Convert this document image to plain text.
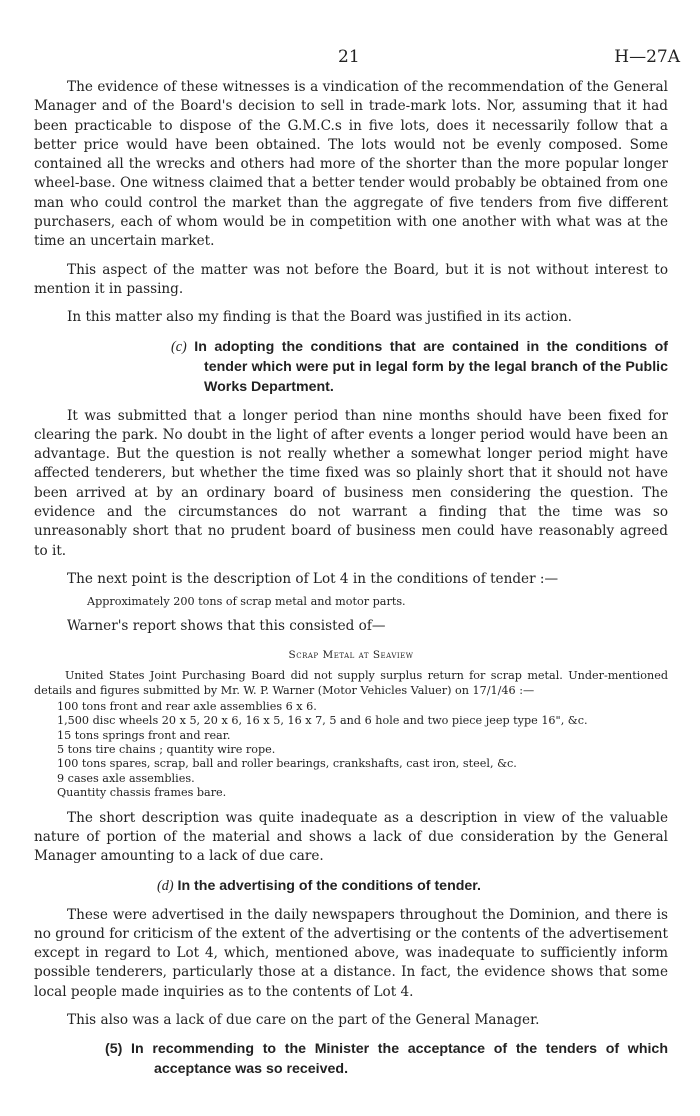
21	H—27A

The evidence of these witnesses is a vindication of the recommendation of the General Manager and of the Board's decision to sell in trade-mark lots. Nor, assuming that it had been practicable to dispose of the G.M.C.s in five lots, does it necessarily follow that a better price would have been obtained. The lots would not be evenly composed. Some contained all the wrecks and others had more of the shorter than the more popular longer wheel-base. One witness claimed that a better tender would probably be obtained from one man who could control the market than the aggregate of five tenders from five different purchasers, each of whom would be in competition with one another with what was at the time an uncertain market.

This aspect of the matter was not before the Board, but it is not without interest to mention it in passing.

In this matter also my finding is that the Board was justified in its action.

(c) In adopting the conditions that are contained in the conditions of tender which were put in legal form by the legal branch of the Public Works Department.

It was submitted that a longer period than nine months should have been fixed for clearing the park. No doubt in the light of after events a longer period would have been an advantage. But the question is not really whether a somewhat longer period might have affected tenderers, but whether the time fixed was so plainly short that it should not have been arrived at by an ordinary board of business men considering the question. The evidence and the circumstances do not warrant a finding that the time was so unreasonably short that no prudent board of business men could have reasonably agreed to it.

The next point is the description of Lot 4 in the conditions of tender :—

Approximately 200 tons of scrap metal and motor parts.

Warner's report shows that this consisted of—

Scrap Metal at Seaview
United States Joint Purchasing Board did not supply surplus return for scrap metal. Under-mentioned details and figures submitted by Mr. W. P. Warner (Motor Vehicles Valuer) on 17/1/46 :—
100 tons front and rear axle assemblies 6 x 6.
1,500 disc wheels 20 x 5, 20 x 6, 16 x 5, 16 x 7, 5 and 6 hole and two piece jeep type 16", &c.
15 tons springs front and rear.
5 tons tire chains ; quantity wire rope.
100 tons spares, scrap, ball and roller bearings, crankshafts, cast iron, steel, &c.
9 cases axle assemblies.
Quantity chassis frames bare.

The short description was quite inadequate as a description in view of the valuable nature of portion of the material and shows a lack of due consideration by the General Manager amounting to a lack of due care.

(d) In the advertising of the conditions of tender.

These were advertised in the daily newspapers throughout the Dominion, and there is no ground for criticism of the extent of the advertising or the contents of the advertisement except in regard to Lot 4, which, mentioned above, was inadequate to sufficiently inform possible tenderers, particularly those at a distance. In fact, the evidence shows that some local people made inquiries as to the contents of Lot 4.

This also was a lack of due care on the part of the General Manager.

(5) In recommending to the Minister the acceptance of the tenders of which acceptance was so received.
